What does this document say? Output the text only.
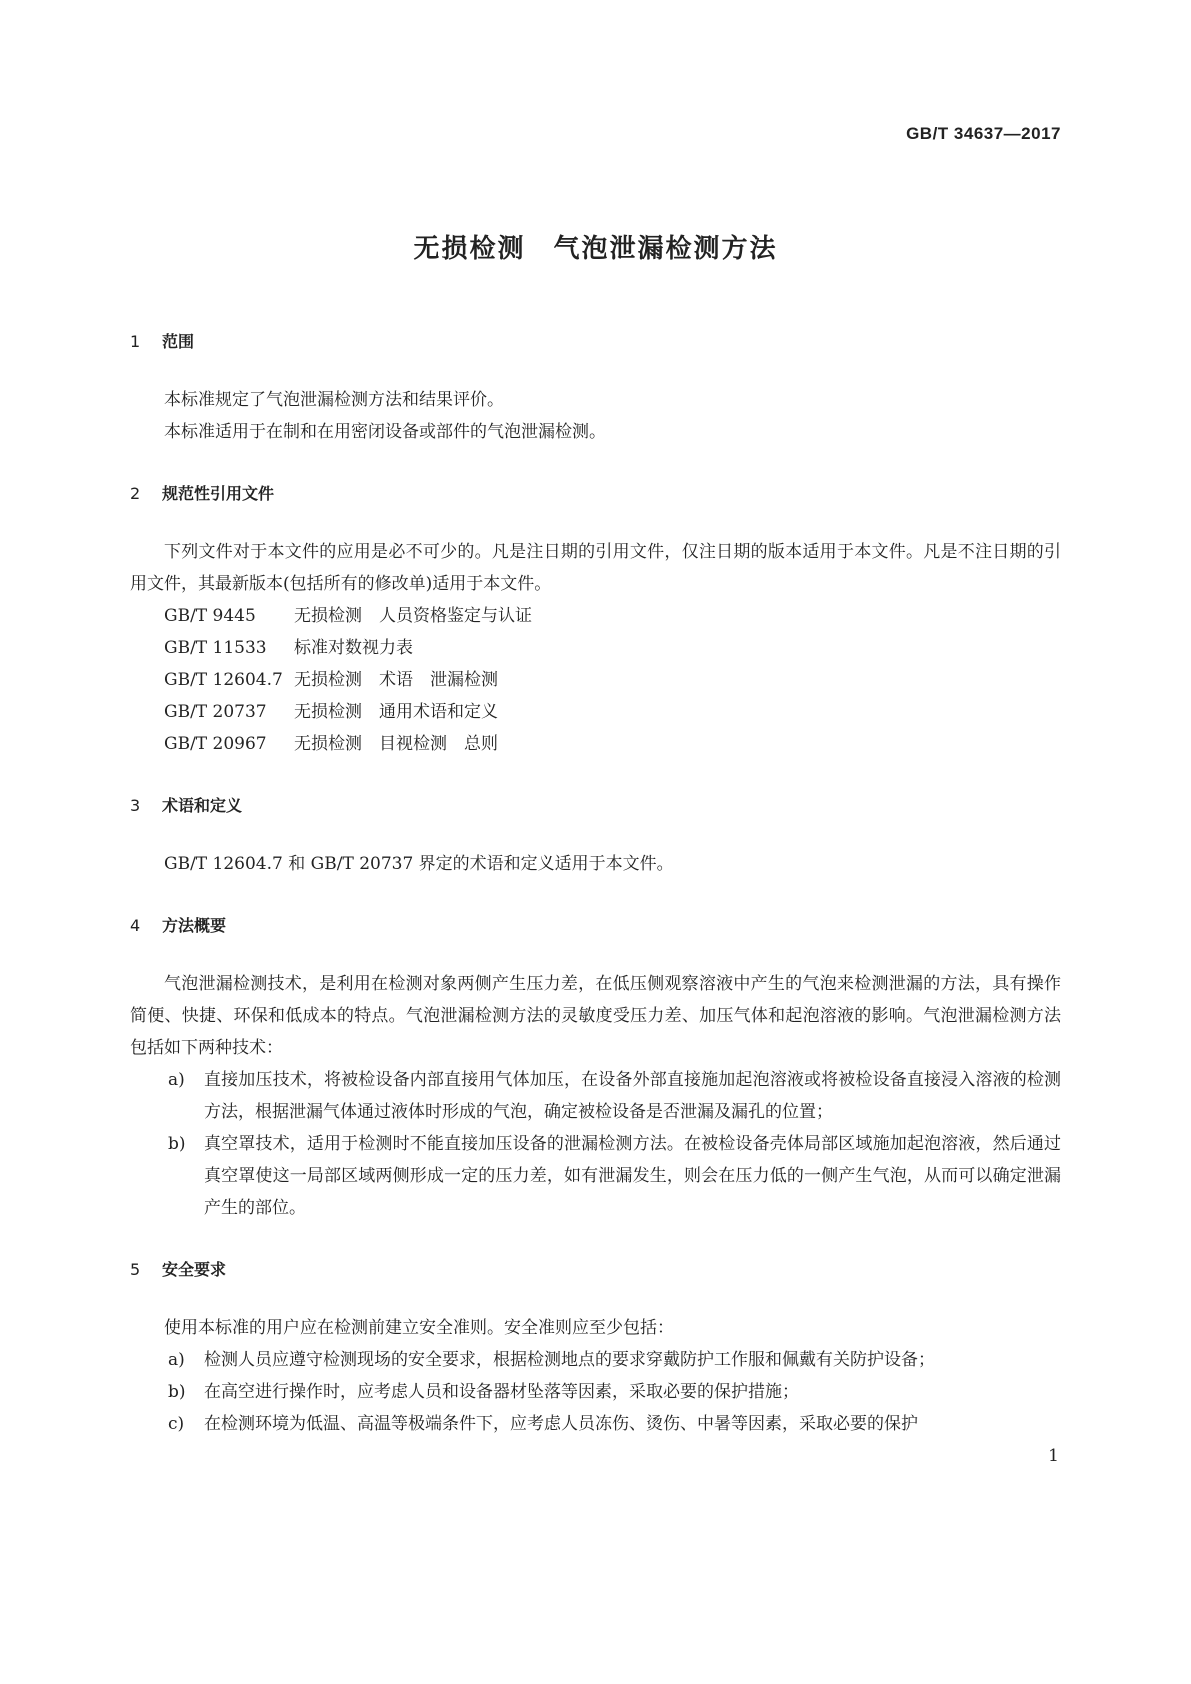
GB/T 34637—2017

无损检测　气泡泄漏检测方法
1 范围

本标准规定了气泡泄漏检测方法和结果评价。

本标准适用于在制和在用密闭设备或部件的气泡泄漏检测。

2 规范性引用文件

下列文件对于本文件的应用是必不可少的。凡是注日期的引用文件，仅注日期的版本适用于本文件。凡是不注日期的引用文件，其最新版本(包括所有的修改单)适用于本文件。

GB/T 9445 无损检测　人员资格鉴定与认证

GB/T 11533 标准对数视力表

GB/T 12604.7 无损检测　术语　泄漏检测

GB/T 20737 无损检测　通用术语和定义

GB/T 20967 无损检测　目视检测　总则

3 术语和定义

GB/T 12604.7 和 GB/T 20737 界定的术语和定义适用于本文件。

4 方法概要

气泡泄漏检测技术，是利用在检测对象两侧产生压力差，在低压侧观察溶液中产生的气泡来检测泄漏的方法，具有操作简便、快捷、环保和低成本的特点。气泡泄漏检测方法的灵敏度受压力差、加压气体和起泡溶液的影响。气泡泄漏检测方法包括如下两种技术：

a) 直接加压技术，将被检设备内部直接用气体加压，在设备外部直接施加起泡溶液或将被检设备直接浸入溶液的检测方法，根据泄漏气体通过液体时形成的气泡，确定被检设备是否泄漏及漏孔的位置；
b) 真空罩技术，适用于检测时不能直接加压设备的泄漏检测方法。在被检设备壳体局部区域施加起泡溶液，然后通过真空罩使这一局部区域两侧形成一定的压力差，如有泄漏发生，则会在压力低的一侧产生气泡，从而可以确定泄漏产生的部位。
5 安全要求

使用本标准的用户应在检测前建立安全准则。安全准则应至少包括：

a) 检测人员应遵守检测现场的安全要求，根据检测地点的要求穿戴防护工作服和佩戴有关防护设备；
b) 在高空进行操作时，应考虑人员和设备器材坠落等因素，采取必要的保护措施；
c) 在检测环境为低温、高温等极端条件下，应考虑人员冻伤、烫伤、中暑等因素，采取必要的保护

1
